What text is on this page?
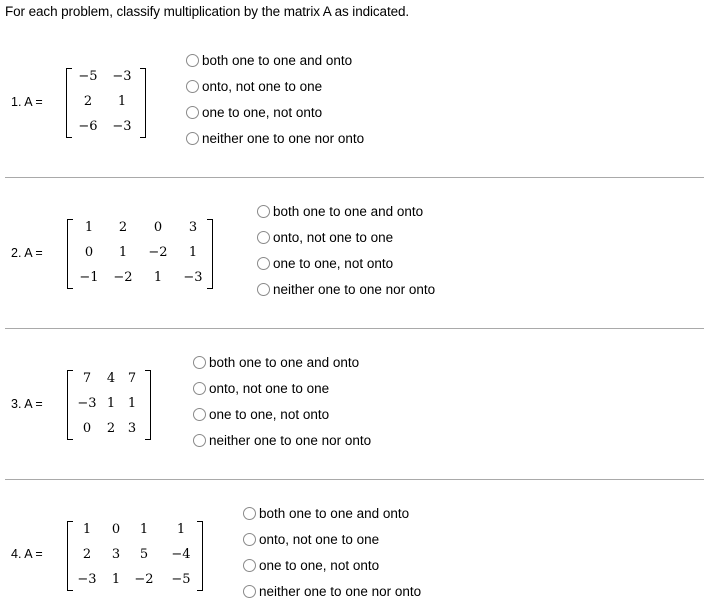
For each problem, classify multiplication by the matrix A as indicated.
1. A =
−5	−3
2	1
−6	−3
both one to one and onto
onto, not one to one
one to one, not onto
neither one to one nor onto
2. A =
1	2	0	3
0	1	−2	1
−1	−2	1	−3
both one to one and onto
onto, not one to one
one to one, not onto
neither one to one nor onto
3. A =
7	4 7
−3 1 1
0	2 3
both one to one and onto
onto, not one to one
one to one, not onto
neither one to one nor onto
4. A =
1	0	1	1
2	3	5	−4
−3	1	−2	−5
both one to one and onto
onto, not one to one
one to one, not onto
neither one to one nor onto
